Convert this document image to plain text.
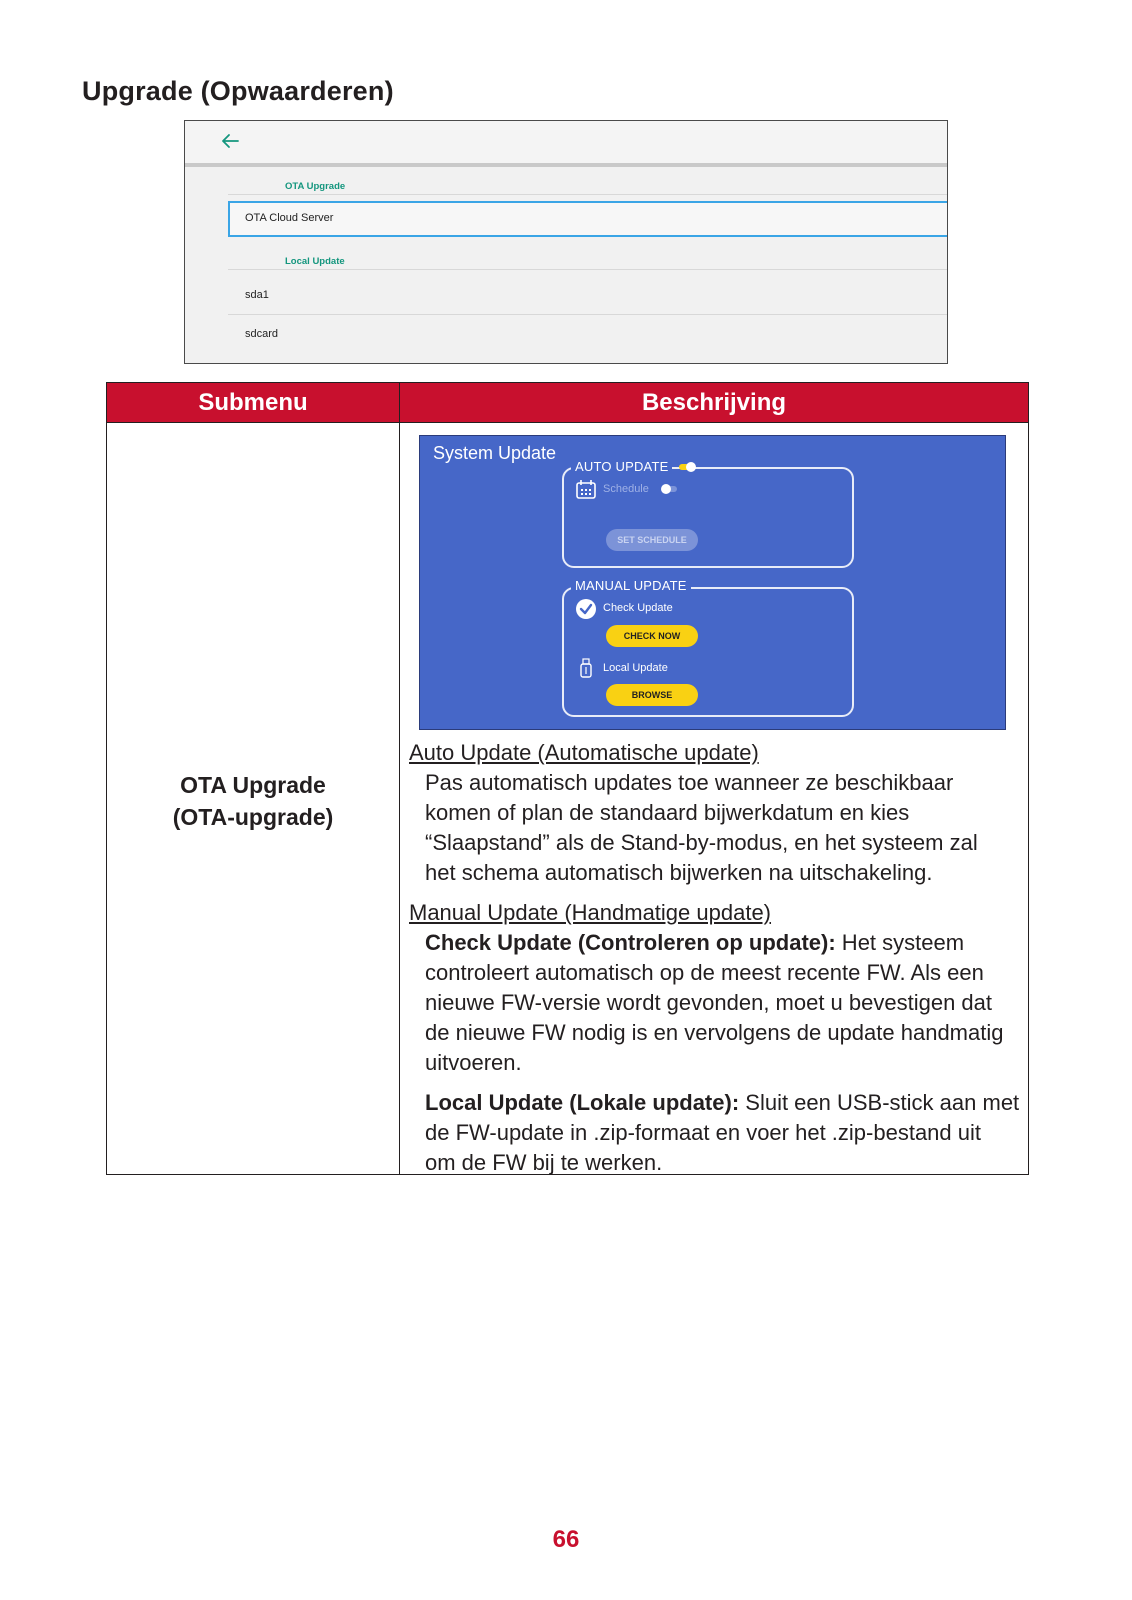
Upgrade (Opwaarderen)
OTA Upgrade
OTA Cloud Server
Local Update
sda1
sdcard
Submenu	Beschrijving
OTA Upgrade
(OTA-upgrade)
System Update
AUTO UPDATE
Schedule
SET SCHEDULE
MANUAL UPDATE
Check Update
CHECK NOW
Local Update
BROWSE
Auto Update (Automatische update)
Pas automatisch updates toe wanneer ze beschikbaar
komen of plan de standaard bijwerkdatum en kies
“Slaapstand” als de Stand-by-modus, en het systeem zal
het schema automatisch bijwerken na uitschakeling.
Manual Update (Handmatige update)
Check Update (Controleren op update): Het systeem
controleert automatisch op de meest recente FW. Als een
nieuwe FW-versie wordt gevonden, moet u bevestigen dat
de nieuwe FW nodig is en vervolgens de update handmatig
uitvoeren.
Local Update (Lokale update): Sluit een USB-stick aan met
de FW-update in .zip-formaat en voer het .zip-bestand uit
om de FW bij te werken.
66
